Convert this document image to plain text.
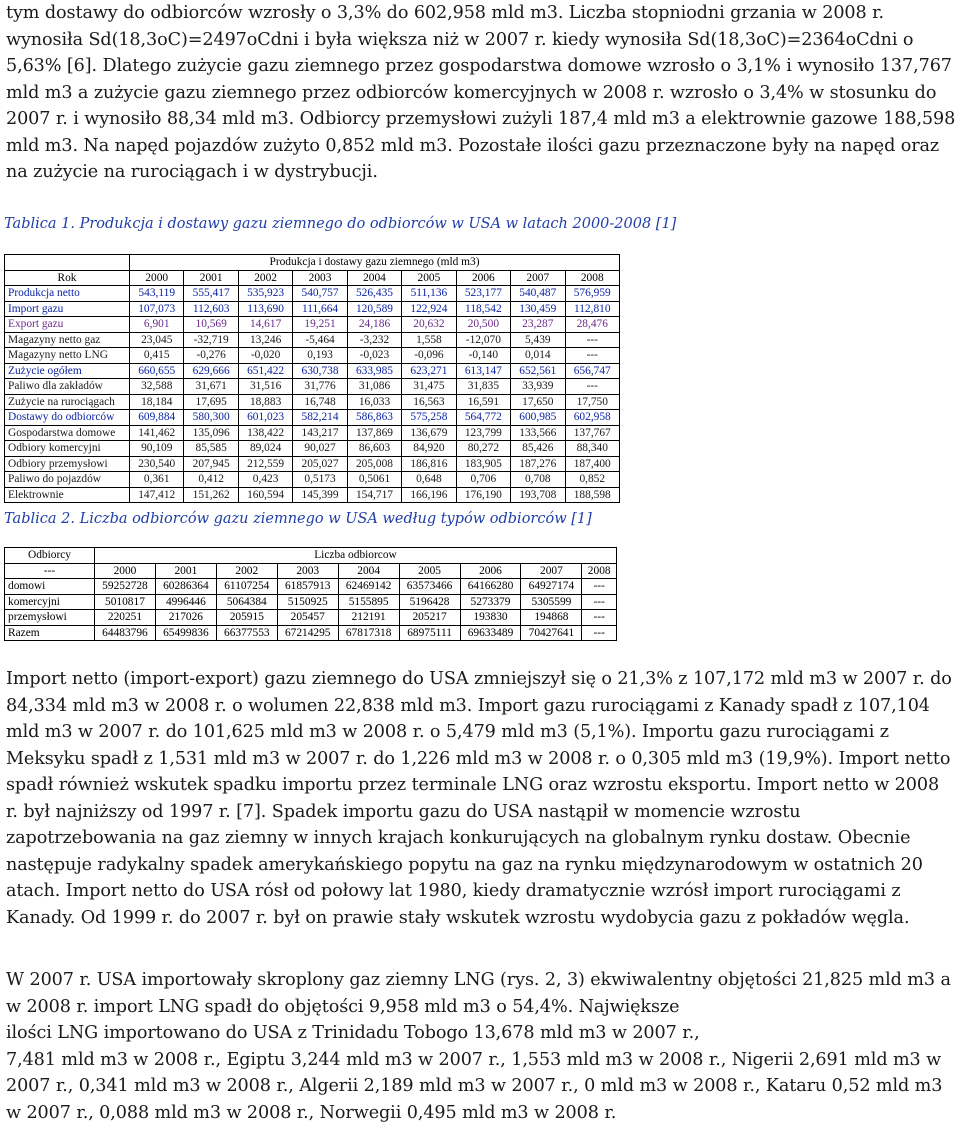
tym dostawy do odbiorców wzrosły o 3,3% do 602,958 mld m3. Liczba stopniodni grzania w 2008 r. wynosiła Sd(18,3oC)=2497oCdni i była większa niż w 2007 r. kiedy wynosiła Sd(18,3oC)=2364oCdni o 5,63% [6]. Dlatego zużycie gazu ziemnego przez gospodarstwa domowe wzrosło o 3,1% i wynosiło 137,767 mld m3 a zużycie gazu ziemnego przez odbiorców komercyjnych w 2008 r. wzrosło o 3,4% w stosunku do 2007 r. i wynosiło 88,34 mld m3. Odbiorcy przemysłowi zużyli 187,4 mld m3 a elektrownie gazowe 188,598 mld m3. Na napęd pojazdów zużyto 0,852 mld m3. Pozostałe ilości gazu przeznaczone były na napęd oraz na zużycie na rurociągach i w dystrybucji.

Tablica 1. Produkcja i dostawy gazu ziemnego do odbiorców w USA w latach 2000-2008 [1]
	Produkcja i dostawy gazu ziemnego (mld m3)								
Rok	2000	2001	2002	2003	2004	2005	2006	2007	2008
Produkcja netto	543,119	555,417	535,923	540,757	526,435	511,136	523,177	540,487	576,959
Import gazu	107,073	112,603	113,690	111,664	120,589	122,924	118,542	130,459	112,810
Export gazu	6,901	10,569	14,617	19,251	24,186	20,632	20,500	23,287	28,476
Magazyny netto gaz	23,045	-32,719	13,246	-5,464	-3,232	1,558	-12,070	5,439	---
Magazyny netto LNG	0,415	-0,276	-0,020	0,193	-0,023	-0,096	-0,140	0,014	---
Zużycie ogółem	660,655	629,666	651,422	630,738	633,985	623,271	613,147	652,561	656,747
Paliwo dla zakładów	32,588	31,671	31,516	31,776	31,086	31,475	31,835	33,939	---
Zużycie na rurociągach	18,184	17,695	18,883	16,748	16,033	16,563	16,591	17,650	17,750
Dostawy do odbiorców	609,884	580,300	601,023	582,214	586,863	575,258	564,772	600,985	602,958
Gospodarstwa domowe	141,462	135,096	138,422	143,217	137,869	136,679	123,799	133,566	137,767
Odbiory komercyjni	90,109	85,585	89,024	90,027	86,603	84,920	80,272	85,426	88,340
Odbiory przemysłowi	230,540	207,945	212,559	205,027	205,008	186,816	183,905	187,276	187,400
Paliwo do pojazdów	0,361	0,412	0,423	0,5173	0,5061	0,648	0,706	0,708	0,852
Elektrownie	147,412	151,262	160,594	145,399	154,717	166,196	176,190	193,708	188,598
Tablica 2. Liczba odbiorców gazu ziemnego w USA według typów odbiorców [1]
Odbiorcy	Liczba odbiorcow								
---	2000	2001	2002	2003	2004	2005	2006	2007	2008
domowi	59252728	60286364	61107254	61857913	62469142	63573466	64166280	64927174	---
komercyjni	5010817	4996446	5064384	5150925	5155895	5196428	5273379	5305599	---
przemysłowi	220251	217026	205915	205457	212191	205217	193830	194868	---
Razem	64483796	65499836	66377553	67214295	67817318	68975111	69633489	70427641	---

Import netto (import-export) gazu ziemnego do USA zmniejszył się o 21,3% z 107,172 mld m3 w 2007 r. do 84,334 mld m3 w 2008 r. o wolumen 22,838 mld m3. Import gazu rurociągami z Kanady spadł z 107,104 mld m3 w 2007 r. do 101,625 mld m3 w 2008 r. o 5,479 mld m3 (5,1%). Importu gazu rurociągami z Meksyku spadł z 1,531 mld m3 w 2007 r. do 1,226 mld m3 w 2008 r. o 0,305 mld m3 (19,9%). Import netto spadł również wskutek spadku importu przez terminale LNG oraz wzrostu eksportu. Import netto w 2008 r. był najniższy od 1997 r. [7]. Spadek importu gazu do USA nastąpił w momencie wzrostu zapotrzebowania na gaz ziemny w innych krajach konkurujących na globalnym rynku dostaw. Obecnie następuje radykalny spadek amerykańskiego popytu na gaz na rynku międzynarodowym w ostatnich 20 atach. Import netto do USA rósł od połowy lat 1980, kiedy dramatycznie wzrósł import rurociągami z Kanady. Od 1999 r. do 2007 r. był on prawie stały wskutek wzrostu wydobycia gazu z pokładów węgla.

W 2007 r. USA importowały skroplony gaz ziemny LNG (rys. 2, 3) ekwiwalentny objętości 21,825 mld m3 a w 2008 r. import LNG spadł do objętości 9,958 mld m3 o 54,4%. Największe
ilości LNG importowano do USA z Trinidadu Tobogo 13,678 mld m3 w 2007 r.,
7,481 mld m3 w 2008 r., Egiptu 3,244 mld m3 w 2007 r., 1,553 mld m3 w 2008 r., Nigerii 2,691 mld m3 w 2007 r., 0,341 mld m3 w 2008 r., Algerii 2,189 mld m3 w 2007 r., 0 mld m3 w 2008 r., Kataru 0,52 mld m3 w 2007 r., 0,088 mld m3 w 2008 r., Norwegii 0,495 mld m3 w 2008 r.
